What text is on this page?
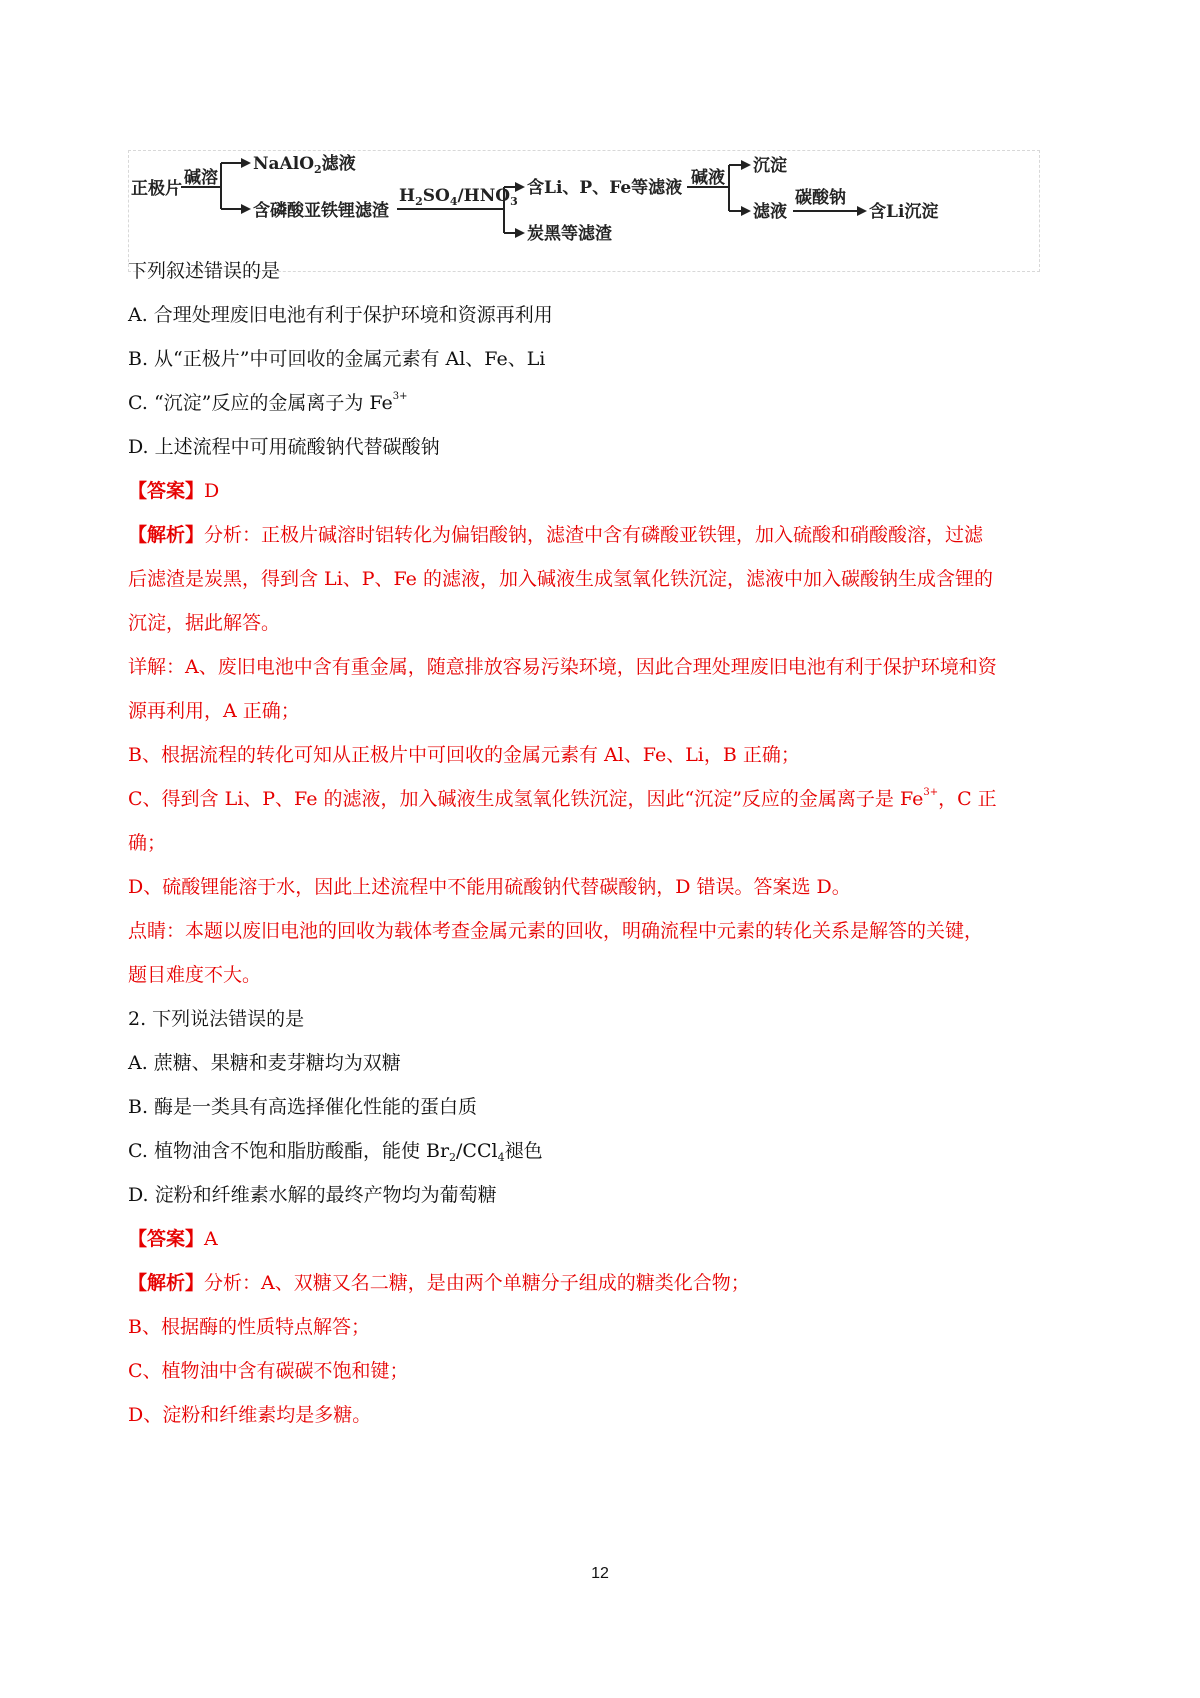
正极片
碱溶
NaAlO$_2$滤液
含磷酸亚铁锂滤渣
$H_2SO_4/HNO_3$
含Li、P、Fe等滤液
炭黑等滤渣
碱液
沉淀
滤液
碳酸钠
含Li沉淀
下列叙述错误的是
A. 合理处理废旧电池有利于保护环境和资源再利用
B. 从“正极片”中可回收的金属元素有 Al、Fe、Li
C. “沉淀”反应的金属离子为 $Fe^{3+}$
D. 上述流程中可用硫酸钠代替碳酸钠
【答案】D
【解析】分析：正极片碱溶时铝转化为偏铝酸钠，滤渣中含有磷酸亚铁锂，加入硫酸和硝酸酸溶，过滤
后滤渣是炭黑，得到含 Li、P、Fe 的滤液，加入碱液生成氢氧化铁沉淀，滤液中加入碳酸钠生成含锂的
沉淀，据此解答。
详解：A、废旧电池中含有重金属，随意排放容易污染环境，因此合理处理废旧电池有利于保护环境和资
源再利用，A 正确；
B、根据流程的转化可知从正极片中可回收的金属元素有 Al、Fe、Li，B 正确；
C、得到含 Li、P、Fe 的滤液，加入碱液生成氢氧化铁沉淀，因此“沉淀”反应的金属离子是 $Fe^{3+}$，C 正
确；
D、硫酸锂能溶于水，因此上述流程中不能用硫酸钠代替碳酸钠，D 错误。答案选 D。
点睛：本题以废旧电池的回收为载体考查金属元素的回收，明确流程中元素的转化关系是解答的关键，
题目难度不大。
2. 下列说法错误的是
A. 蔗糖、果糖和麦芽糖均为双糖
B. 酶是一类具有高选择催化性能的蛋白质
C. 植物油含不饱和脂肪酸酯，能使 $Br_2/CCl_4$褪色
D. 淀粉和纤维素水解的最终产物均为葡萄糖
【答案】A
【解析】分析：A、双糖又名二糖，是由两个单糖分子组成的糖类化合物；
B、根据酶的性质特点解答；
C、植物油中含有碳碳不饱和键；
D、淀粉和纤维素均是多糖。
12
